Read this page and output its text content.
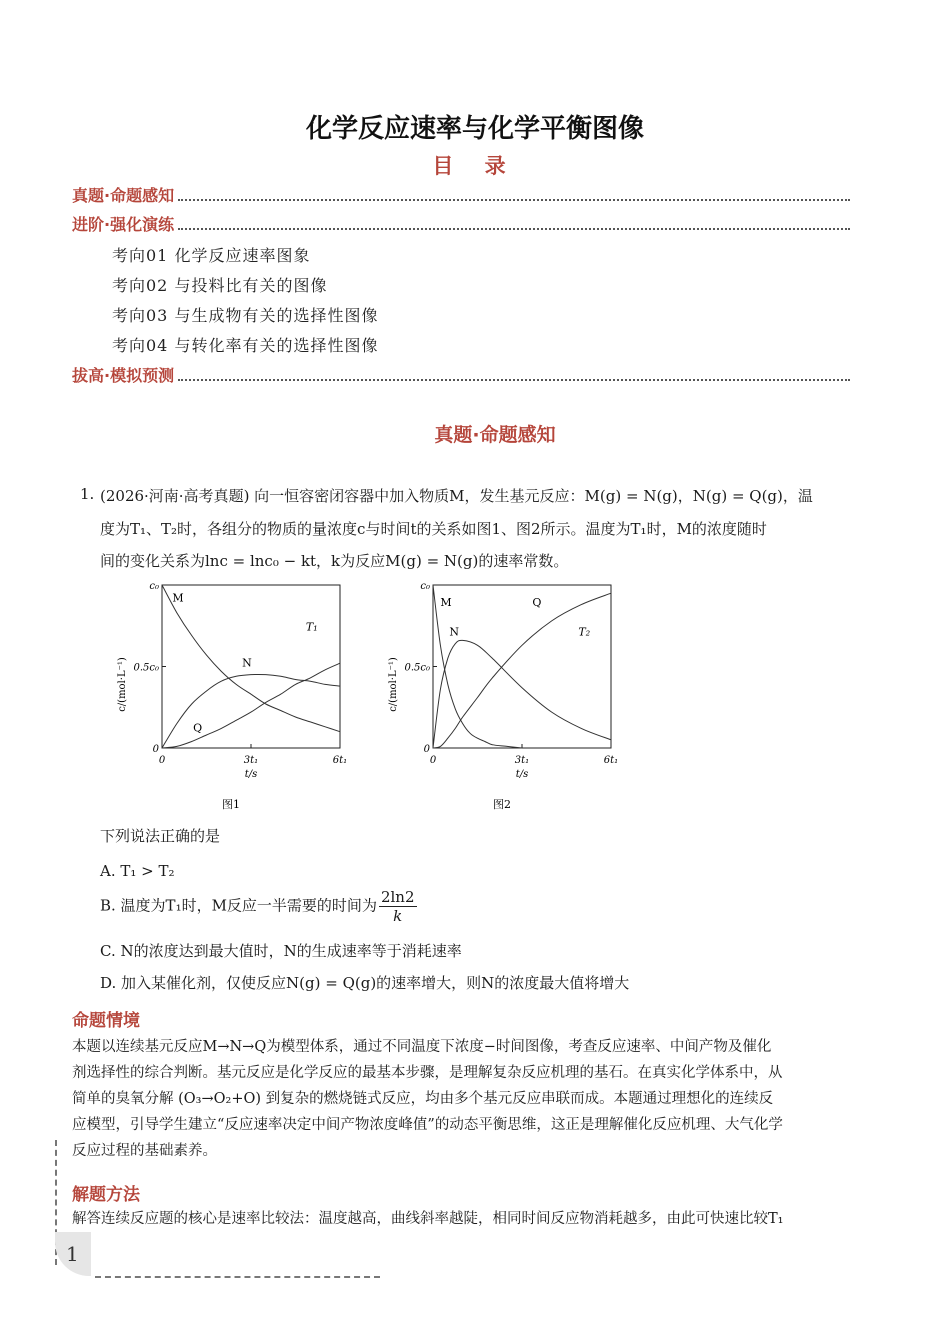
化学反应速率与化学平衡图像
目 录
真题·命题感知
进阶·强化演练
考向01 化学反应速率图象
考向02 与投料比有关的图像
考向03 与生成物有关的选择性图像
考向04 与转化率有关的选择性图像
拔高·模拟预测
真题·命题感知
1. (2026·河南·高考真题) 向一恒容密闭容器中加入物质M，发生基元反应：M(g) = N(g)，N(g) = Q(g)，温
度为T₁、T₂时，各组分的物质的量浓度c与时间t的关系如图1、图2所示。温度为T₁时，M的浓度随时
间的变化关系为lnc = lnc₀ − kt，k为反应M(g) = N(g)的速率常数。
0
0.5c₀
c₀
0	3t₁	6t₁
t/s
c/(mol·L⁻¹)
M
N
Q
T₁
图1
0
0.5c₀
c₀
0	3t₁	6t₁
t/s
c/(mol·L⁻¹)
M
N
Q
T₂
图2
下列说法正确的是
A. T₁ > T₂
B. 温度为T₁时，M反应一半需要的时间为 $\frac{2\ln 2}{k}$
C. N的浓度达到最大值时，N的生成速率等于消耗速率
D. 加入某催化剂，仅使反应N(g) = Q(g)的速率增大，则N的浓度最大值将增大
命题情境
本题以连续基元反应M→N→Q为模型体系，通过不同温度下浓度−时间图像，考查反应速率、中间产物及催化
剂选择性的综合判断。基元反应是化学反应的最基本步骤，是理解复杂反应机理的基石。在真实化学体系中，从
简单的臭氧分解 (O₃→O₂+O) 到复杂的燃烧链式反应，均由多个基元反应串联而成。本题通过理想化的连续反
应模型，引导学生建立“反应速率决定中间产物浓度峰值”的动态平衡思维，这正是理解催化反应机理、大气化学
反应过程的基础素养。
解题方法
解答连续反应题的核心是速率比较法：温度越高，曲线斜率越陡，相同时间反应物消耗越多，由此可快速比较T₁
1
